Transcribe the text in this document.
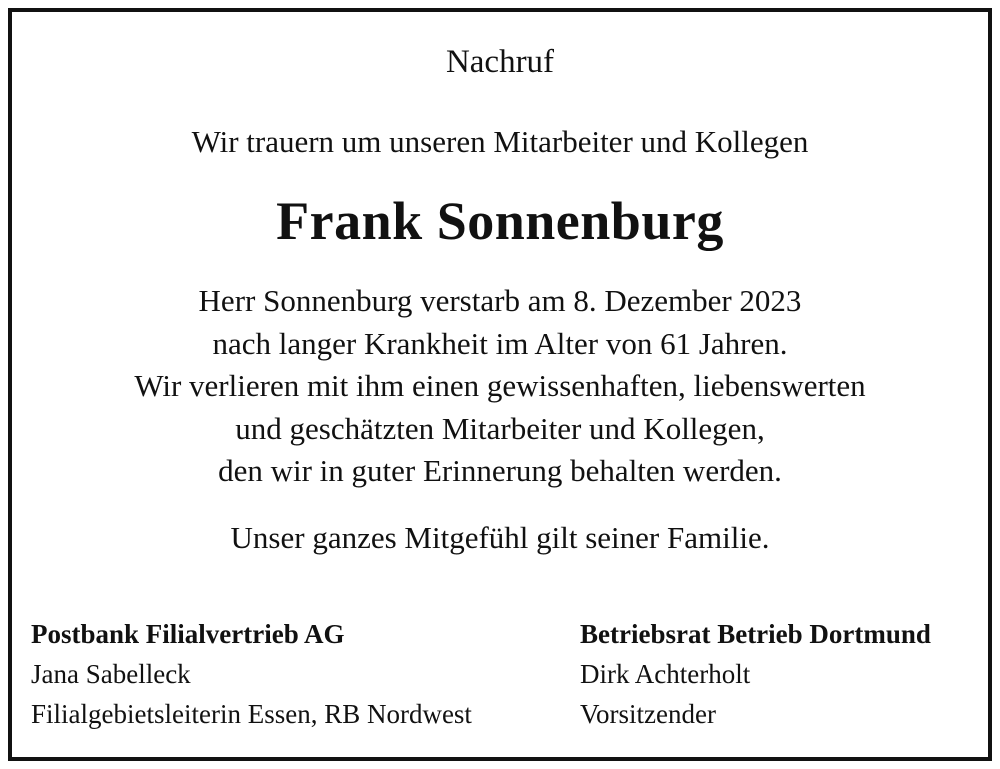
Nachruf
Wir trauern um unseren Mitarbeiter und Kollegen
Frank Sonnenburg
Herr Sonnenburg verstarb am 8. Dezember 2023
nach langer Krankheit im Alter von 61 Jahren.
Wir verlieren mit ihm einen gewissenhaften, liebenswerten
und geschätzten Mitarbeiter und Kollegen,
den wir in guter Erinnerung behalten werden.
Unser ganzes Mitgefühl gilt seiner Familie.
Postbank Filialvertrieb AG
Jana Sabelleck
Filialgebietsleiterin Essen, RB Nordwest
Betriebsrat Betrieb Dortmund
Dirk Achterholt
Vorsitzender
